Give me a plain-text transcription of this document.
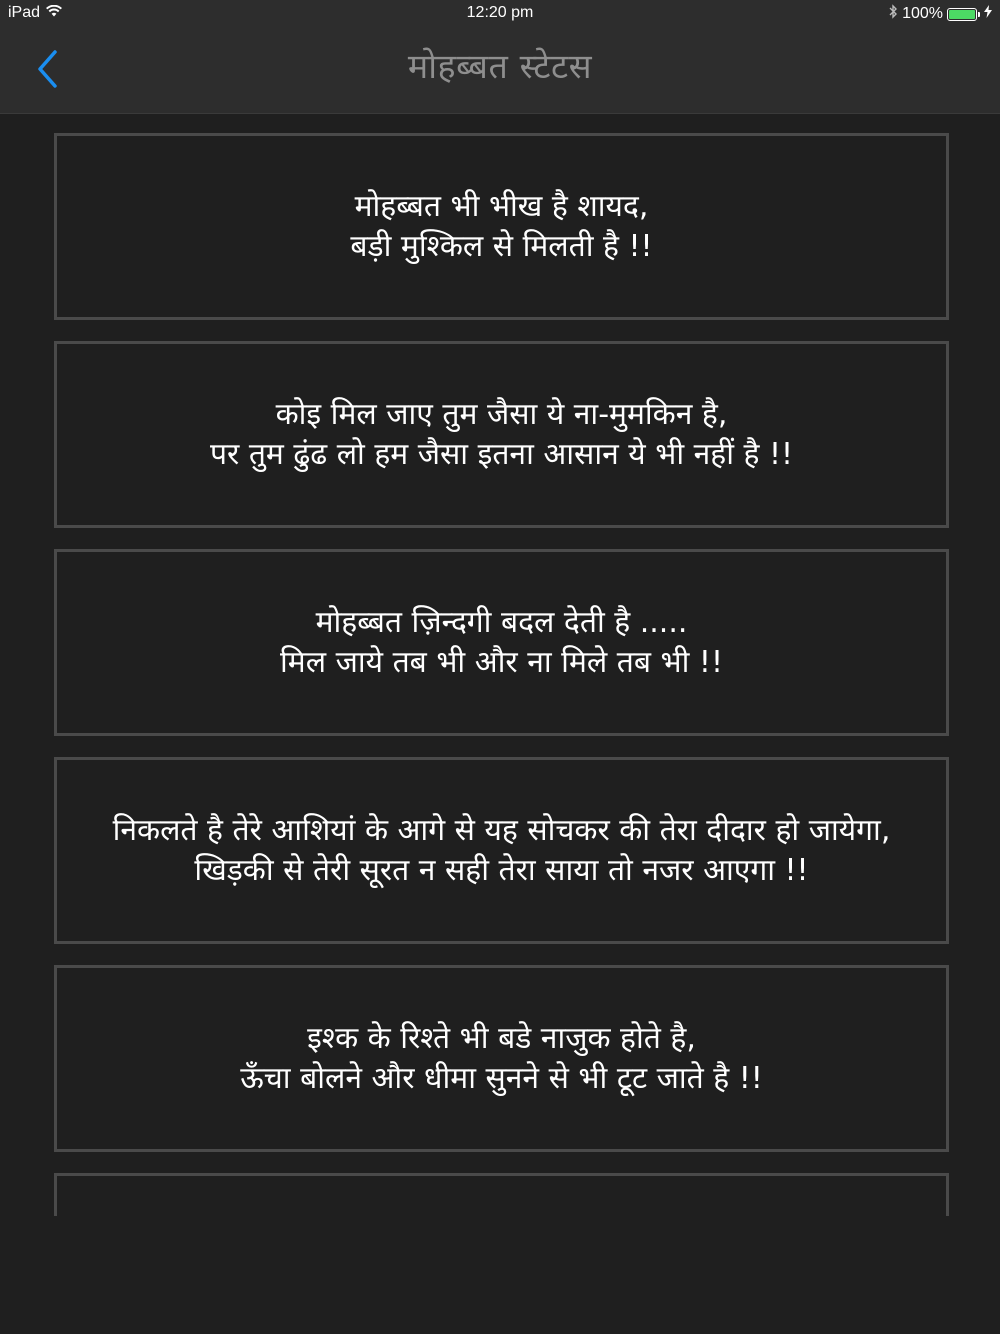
iPad	12:20 pm	100%
मोहब्बत स्टेटस
मोहब्बत भी भीख है शायद,
बड़ी मुश्किल से मिलती है !!
कोइ मिल जाए तुम जैसा ये ना-मुमकिन है,
पर तुम ढुंढ लो हम जैसा इतना आसान ये भी नहीं है !!
मोहब्बत ज़िन्दगी बदल देती है .....
मिल जाये तब भी और ना मिले तब भी !!
निकलते है तेरे आशियां के आगे से यह सोचकर की तेरा दीदार हो जायेगा,
खिड़की से तेरी सूरत न सही तेरा साया तो नजर आएगा !!
इश्क के रिश्ते भी बडे नाजुक होते है,
ऊँचा बोलने और धीमा सुनने से भी टूट जाते है !!
